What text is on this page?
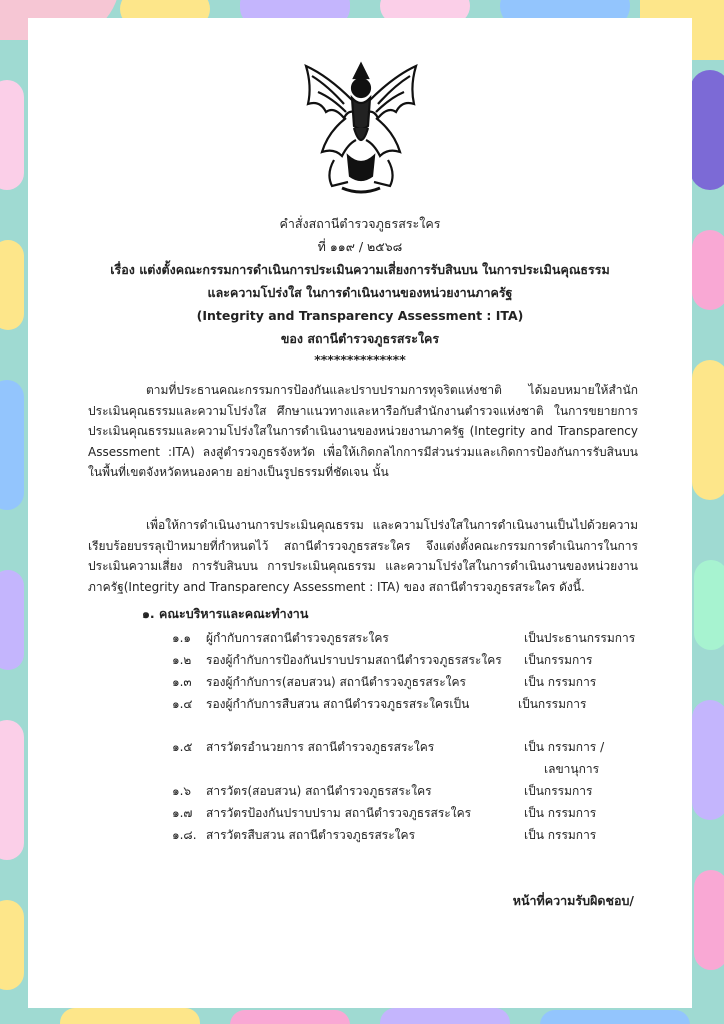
คำสั่งสถานีตำรวจภูธรสระใคร
ที่ ๑๑๙ / ๒๕๖๘
เรื่อง แต่งตั้งคณะกรรมการดำเนินการประเมินความเสี่ยงการรับสินบน ในการประเมินคุณธรรม
และความโปร่งใส ในการดำเนินงานของหน่วยงานภาครัฐ
(Integrity and Transparency Assessment : ITA)
ของ สถานีตำรวจภูธรสระใคร
**************

ตามที่ประธานคณะกรรมการป้องกันและปราบปรามการทุจริตแห่งชาติ ได้มอบหมายให้สำนักประเมินคุณธรรมและความโปร่งใส ศึกษาแนวทางและหารือกับสำนักงานตำรวจแห่งชาติ ในการขยายการประเมินคุณธรรมและความโปร่งใสในการดำเนินงานของหน่วยงานภาครัฐ (Integrity and Transparency Assessment :ITA) ลงสู่ตำรวจภูธรจังหวัด เพื่อให้เกิดกลไกการมีส่วนร่วมและเกิดการป้องกันการรับสินบนในพื้นที่เขตจังหวัดหนองคาย อย่างเป็นรูปธรรมที่ชัดเจน นั้น

เพื่อให้การดำเนินงานการประเมินคุณธรรม และความโปร่งใสในการดำเนินงานเป็นไปด้วยความเรียบร้อยบรรลุเป้าหมายที่กำหนดไว้ สถานีตำรวจภูธรสระใคร จึงแต่งตั้งคณะกรรมการดำเนินการในการประเมินความเสี่ยง การรับสินบน การประเมินคุณธรรม และความโปร่งใสในการดำเนินงานของหน่วยงานภาครัฐ(Integrity and Transparency Assessment : ITA) ของ สถานีตำรวจภูธรสระใคร ดังนี้.

๑. คณะบริหารและคณะทำงาน
๑.๑ ผู้กำกับการสถานีตำรวจภูธรสระใคร	เป็นประธานกรรมการ
๑.๒ รองผู้กำกับการป้องกันปราบปรามสถานีตำรวจภูธรสระใคร เป็นกรรมการ
๑.๓ รองผู้กำกับการ(สอบสวน) สถานีตำรวจภูธรสระใคร	เป็น กรรมการ
๑.๔ รองผู้กำกับการสืบสวน สถานีตำรวจภูธรสระใครเป็น	เป็นกรรมการ
๑.๕ สารวัตรอำนวยการ สถานีตำรวจภูธรสระใคร	เป็น กรรมการ /
เลขานุการ
๑.๖ สารวัตร(สอบสวน) สถานีตำรวจภูธรสระใคร	เป็นกรรมการ
๑.๗ สารวัตรป้องกันปราบปราม สถานีตำรวจภูธรสระใคร	เป็น กรรมการ
๑.๘. สารวัตรสืบสวน สถานีตำรวจภูธรสระใคร	เป็น กรรมการ
หน้าที่ความรับผิดชอบ/
